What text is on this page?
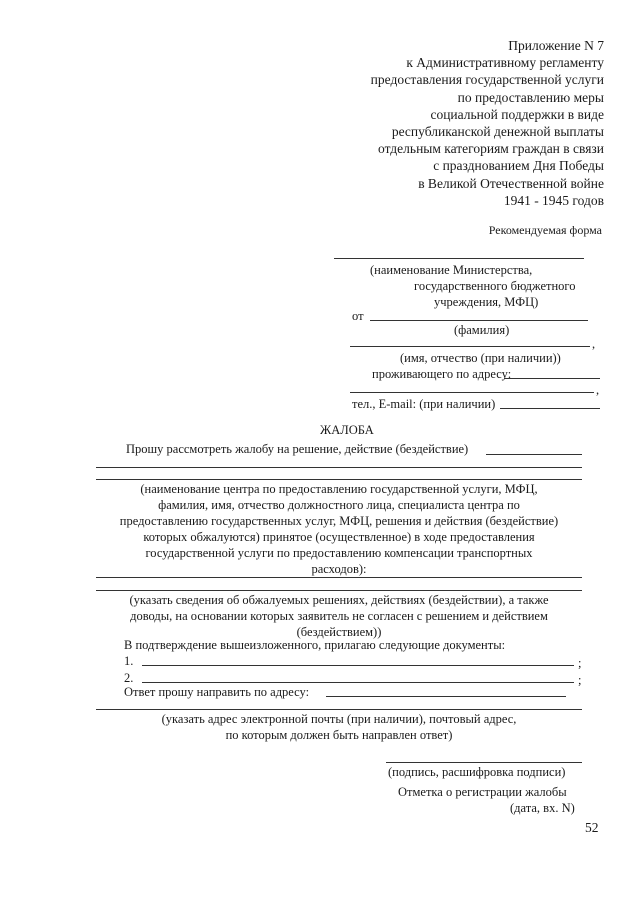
Приложение N 7
к Административному регламенту
предоставления государственной услуги
по предоставлению меры
социальной поддержки в виде
республиканской денежной выплаты
отдельным категориям граждан в связи
с празднованием Дня Победы
в Великой Отечественной войне
1941 - 1945 годов
Рекомендуемая форма
(наименование Министерства,
государственного бюджетного
учреждения, МФЦ)
от
(фамилия)
,
(имя, отчество (при наличии))
проживающего по адресу:
,
тел., E-mail: (при наличии)
ЖАЛОБА
Прошу рассмотреть жалобу на решение, действие (бездействие)
(наименование центра по предоставлению государственной услуги, МФЦ,
фамилия, имя, отчество должностного лица, специалиста центра по
предоставлению государственных услуг, МФЦ, решения и действия (бездействие)
которых обжалуются) принятое (осуществленное) в ходе предоставления
государственной услуги по предоставлению компенсации транспортных
расходов):
(указать сведения об обжалуемых решениях, действиях (бездействии), а также
доводы, на основании которых заявитель не согласен с решением и действием
(бездействием))
В подтверждение вышеизложенного, прилагаю следующие документы:
1.	;
2.	;
Ответ прошу направить по адресу:
(указать адрес электронной почты (при наличии), почтовый адрес,
по которым должен быть направлен ответ)
(подпись, расшифровка подписи)
Отметка о регистрации жалобы
(дата, вх. N)
52
